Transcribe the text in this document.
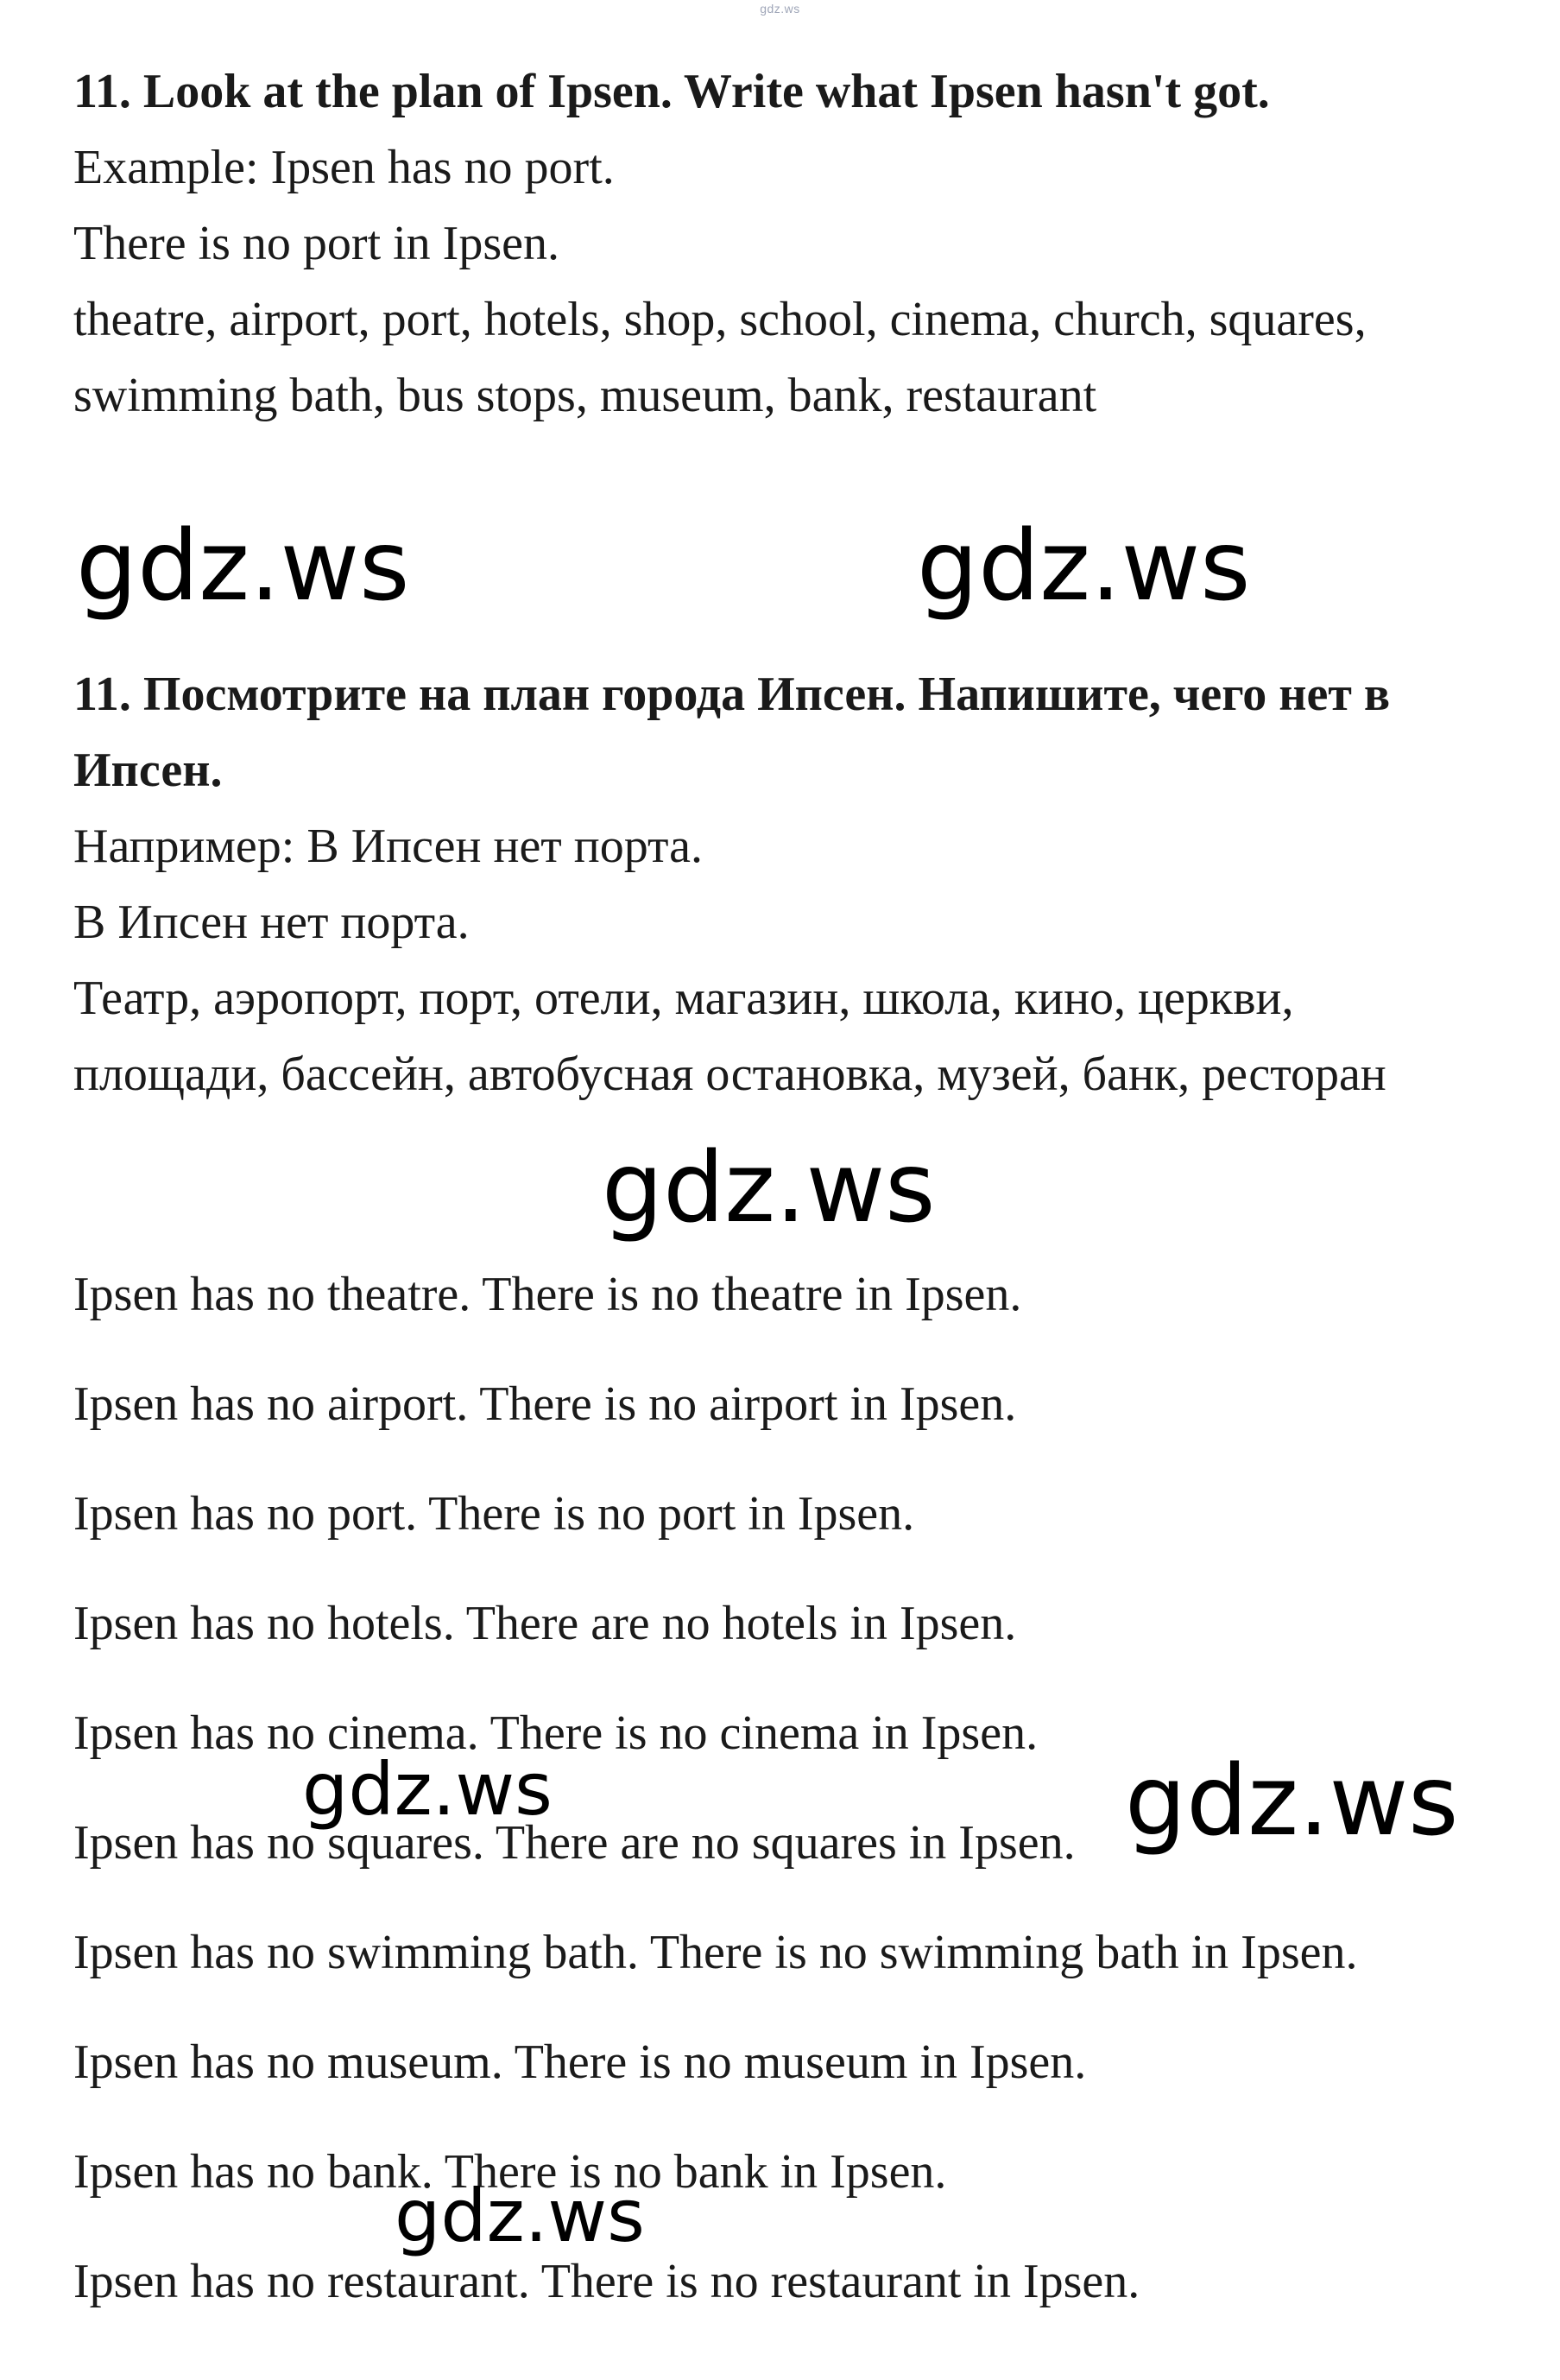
gdz.ws
11. Look at the plan of Ipsen. Write what Ipsen hasn't got.
Example: Ipsen has no port.
There is no port in Ipsen.
theatre, airport, port, hotels, shop, school, cinema, church, squares,
swimming bath, bus stops, museum, bank, restaurant
11. Посмотрите на план города Ипсен. Напишите, чего нет в Ипсен.
Например: В Ипсен нет порта.
В Ипсен нет порта.
Театр, аэропорт, порт, отели, магазин, школа, кино, церкви,
площади, бассейн, автобусная остановка, музей, банк, ресторан
Ipsen has no theatre. There is no theatre in Ipsen.
Ipsen has no airport. There is no airport in Ipsen.
Ipsen has no port. There is no port in Ipsen.
Ipsen has no hotels. There are no hotels in Ipsen.
Ipsen has no cinema. There is no cinema in Ipsen.
Ipsen has no squares. There are no squares in Ipsen.
Ipsen has no swimming bath. There is no swimming bath in Ipsen.
Ipsen has no museum. There is no museum in Ipsen.
Ipsen has no bank. There is no bank in Ipsen.
Ipsen has no restaurant. There is no restaurant in Ipsen.
gdz.ws	gdz.ws
gdz.ws
gdz.ws	gdz.ws
gdz.ws
